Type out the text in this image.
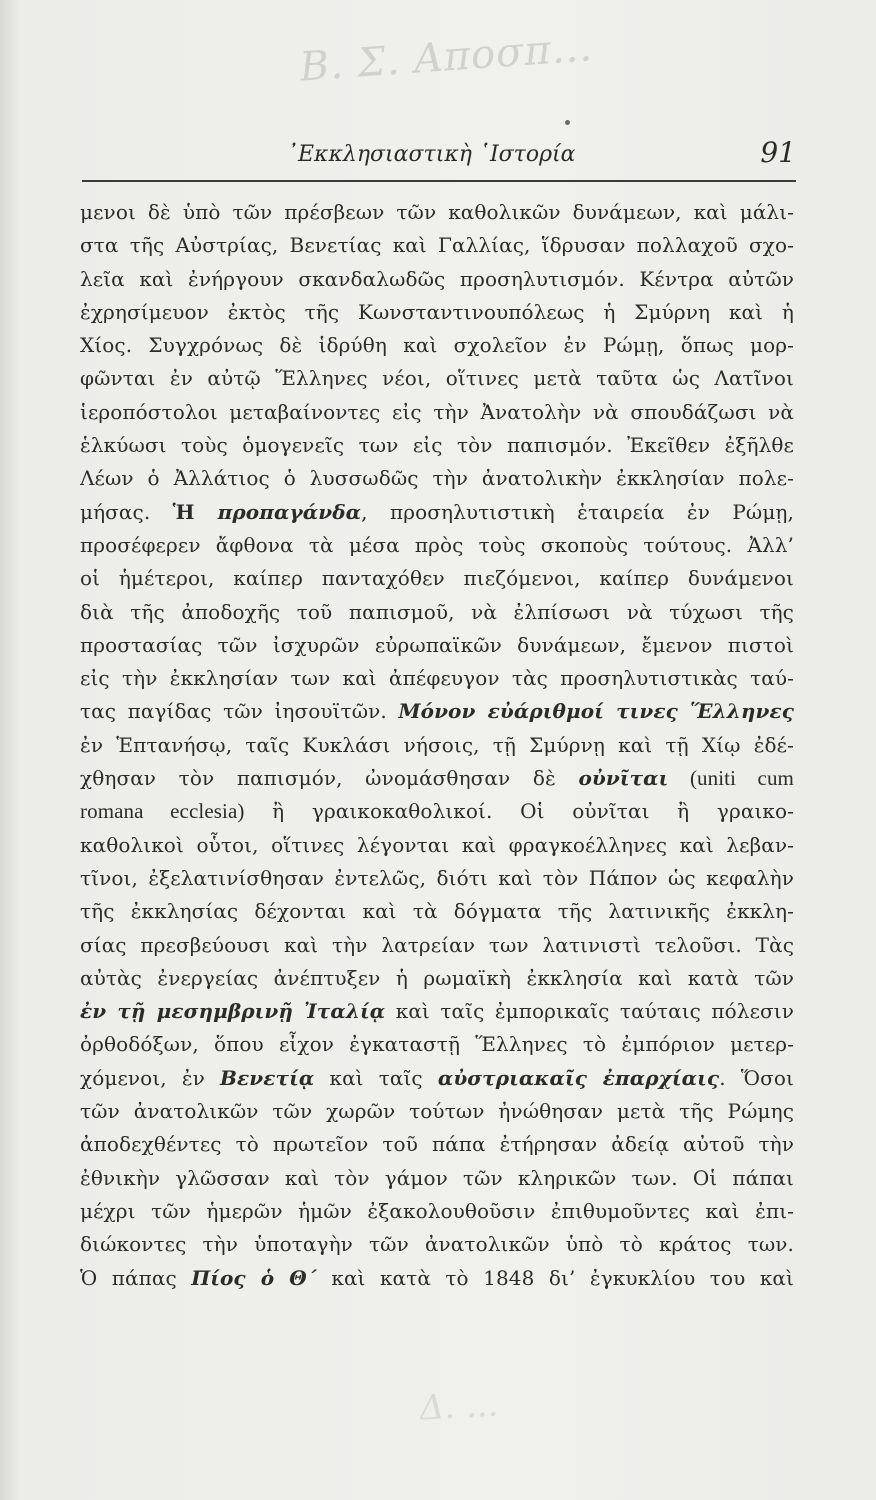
Β. Σ. Αποσπ...
᾿Εκκλησιαστικὴ ῾Ιστορία	91
μενοι δὲ ὑπὸ τῶν πρέσβεων τῶν καθολικῶν δυνάμεων, καὶ μάλι-
στα τῆς Αὐστρίας, Βενετίας καὶ Γαλλίας, ἵδρυσαν πολλαχοῦ σχο-
λεῖα καὶ ἐνήργουν σκανδαλωδῶς προσηλυτισμόν. Κέντρα αὐτῶν
ἐχρησίμευον ἐκτὸς τῆς Κωνσταντινουπόλεως ἡ Σμύρνη καὶ ἡ
Χίος. Συγχρόνως δὲ ἱδρύθη καὶ σχολεῖον ἐν Ρώμῃ, ὅπως μορ-
φῶνται ἐν αὐτῷ Ἕλληνες νέοι, οἵτινες μετὰ ταῦτα ὡς Λατῖνοι
ἱεροπόστολοι μεταβαίνοντες εἰς τὴν Ἀνατολὴν νὰ σπουδάζωσι νὰ
ἑλκύωσι τοὺς ὁμογενεῖς των εἰς τὸν παπισμόν. Ἐκεῖθεν ἐξῆλθε
Λέων ὁ Ἀλλάτιος ὁ λυσσωδῶς τὴν ἀνατολικὴν ἐκκλησίαν πολε-
μήσας. Ἡ προπαγάνδα, προσηλυτιστικὴ ἑταιρεία ἐν Ρώμῃ,
προσέφερεν ἄφθονα τὰ μέσα πρὸς τοὺς σκοποὺς τούτους. Ἀλλ’
οἱ ἡμέτεροι, καίπερ πανταχόθεν πιεζόμενοι, καίπερ δυνάμενοι
διὰ τῆς ἀποδοχῆς τοῦ παπισμοῦ, νὰ ἐλπίσωσι νὰ τύχωσι τῆς
προστασίας τῶν ἰσχυρῶν εὐρωπαϊκῶν δυνάμεων, ἔμενον πιστοὶ
εἰς τὴν ἐκκλησίαν των καὶ ἀπέφευγον τὰς προσηλυτιστικὰς ταύ-
τας παγίδας τῶν ἰησουϊτῶν. Μόνον εὐάριθμοί τινες Ἕλληνες
ἐν Ἑπτανήσῳ, ταῖς Κυκλάσι νήσοις, τῇ Σμύρνῃ καὶ τῇ Χίῳ ἐδέ-
χθησαν τὸν παπισμόν, ὠνομάσθησαν δὲ οὐνῖται (uniti cum
romana ecclesia) ἢ γραικοκαθολικοί. Οἱ οὐνῖται ἢ γραικο-
καθολικοὶ οὗτοι, οἵτινες λέγονται καὶ φραγκοέλληνες καὶ λεβαν-
τῖνοι, ἐξελατινίσθησαν ἐντελῶς, διότι καὶ τὸν Πάπον ὡς κεφαλὴν
τῆς ἐκκλησίας δέχονται καὶ τὰ δόγματα τῆς λατινικῆς ἐκκλη-
σίας πρεσβεύουσι καὶ τὴν λατρείαν των λατινιστὶ τελοῦσι. Τὰς
αὐτὰς ἐνεργείας ἀνέπτυξεν ἡ ρωμαϊκὴ ἐκκλησία καὶ κατὰ τῶν
ἐν τῇ μεσημβρινῇ Ἰταλίᾳ καὶ ταῖς ἐμπορικαῖς ταύταις πόλεσιν
ὀρθοδόξων, ὅπου εἶχον ἐγκαταστῇ Ἕλληνες τὸ ἐμπόριον μετερ-
χόμενοι, ἐν Βενετίᾳ καὶ ταῖς αὐστριακαῖς ἐπαρχίαις. Ὅσοι
τῶν ἀνατολικῶν τῶν χωρῶν τούτων ἠνώθησαν μετὰ τῆς Ρώμης
ἀποδεχθέντες τὸ πρωτεῖον τοῦ πάπα ἐτήρησαν ἀδείᾳ αὐτοῦ τὴν
ἐθνικὴν γλῶσσαν καὶ τὸν γάμον τῶν κληρικῶν των. Οἱ πάπαι
μέχρι τῶν ἡμερῶν ἡμῶν ἐξακολουθοῦσιν ἐπιθυμοῦντες καὶ ἐπι-
διώκοντες τὴν ὑποταγὴν τῶν ἀνατολικῶν ὑπὸ τὸ κράτος των.
Ὁ πάπας Πίος ὁ Θ΄ καὶ κατὰ τὸ 1848 δι’ ἐγκυκλίου του καὶ
Δ. ...
